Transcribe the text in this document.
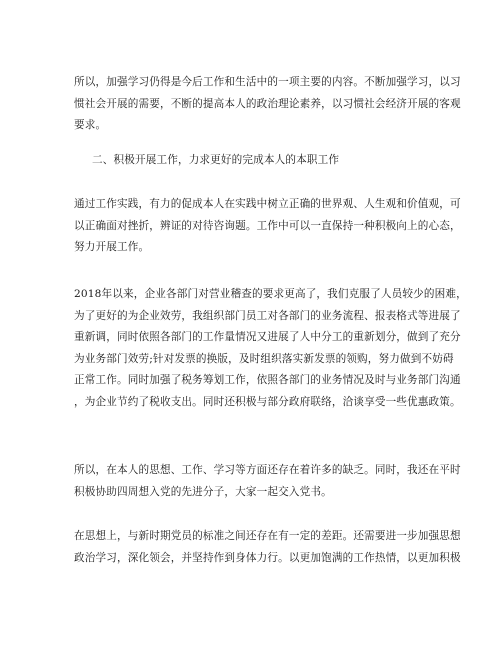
所以，加强学习仍得是今后工作和生活中的一项主要的内容。不断加强学习，以习
惯社会开展的需要，不断的提高本人的政治理论素养，以习惯社会经济开展的客观
要求。
二、积极开展工作，力求更好的完成本人的本职工作
通过工作实践，有力的促成本人在实践中树立正确的世界观、人生观和价值观，可
以正确面对挫折，辨证的对待咨询题。工作中可以一直保持一种积极向上的心态，
努力开展工作。
2018年以来，企业各部门对营业稽查的要求更高了，我们克服了人员较少的困难，
为了更好的为企业效劳，我组织部门员工对各部门的业务流程、报表格式等进展了
重新调，同时依照各部门的工作量情况又进展了人中分工的重新划分，做到了充分
为业务部门效劳;针对发票的换版，及时组织落实新发票的领购，努力做到不妨碍
正常工作。同时加强了税务筹划工作，依照各部门的业务情况及时与业务部门沟通
，为企业节约了税收支出。同时还积极与部分政府联络，洽谈享受一些优惠政策。
所以，在本人的思想、工作、学习等方面还存在着许多的缺乏。同时，我还在平时
积极协助四周想入党的先进分子，大家一起交入党书。
在思想上，与新时期党员的标准之间还存在有一定的差距。还需要进一步加强思想
政治学习，深化领会，并坚持作到身体力行。以更加饱满的工作热情，以更加积极
